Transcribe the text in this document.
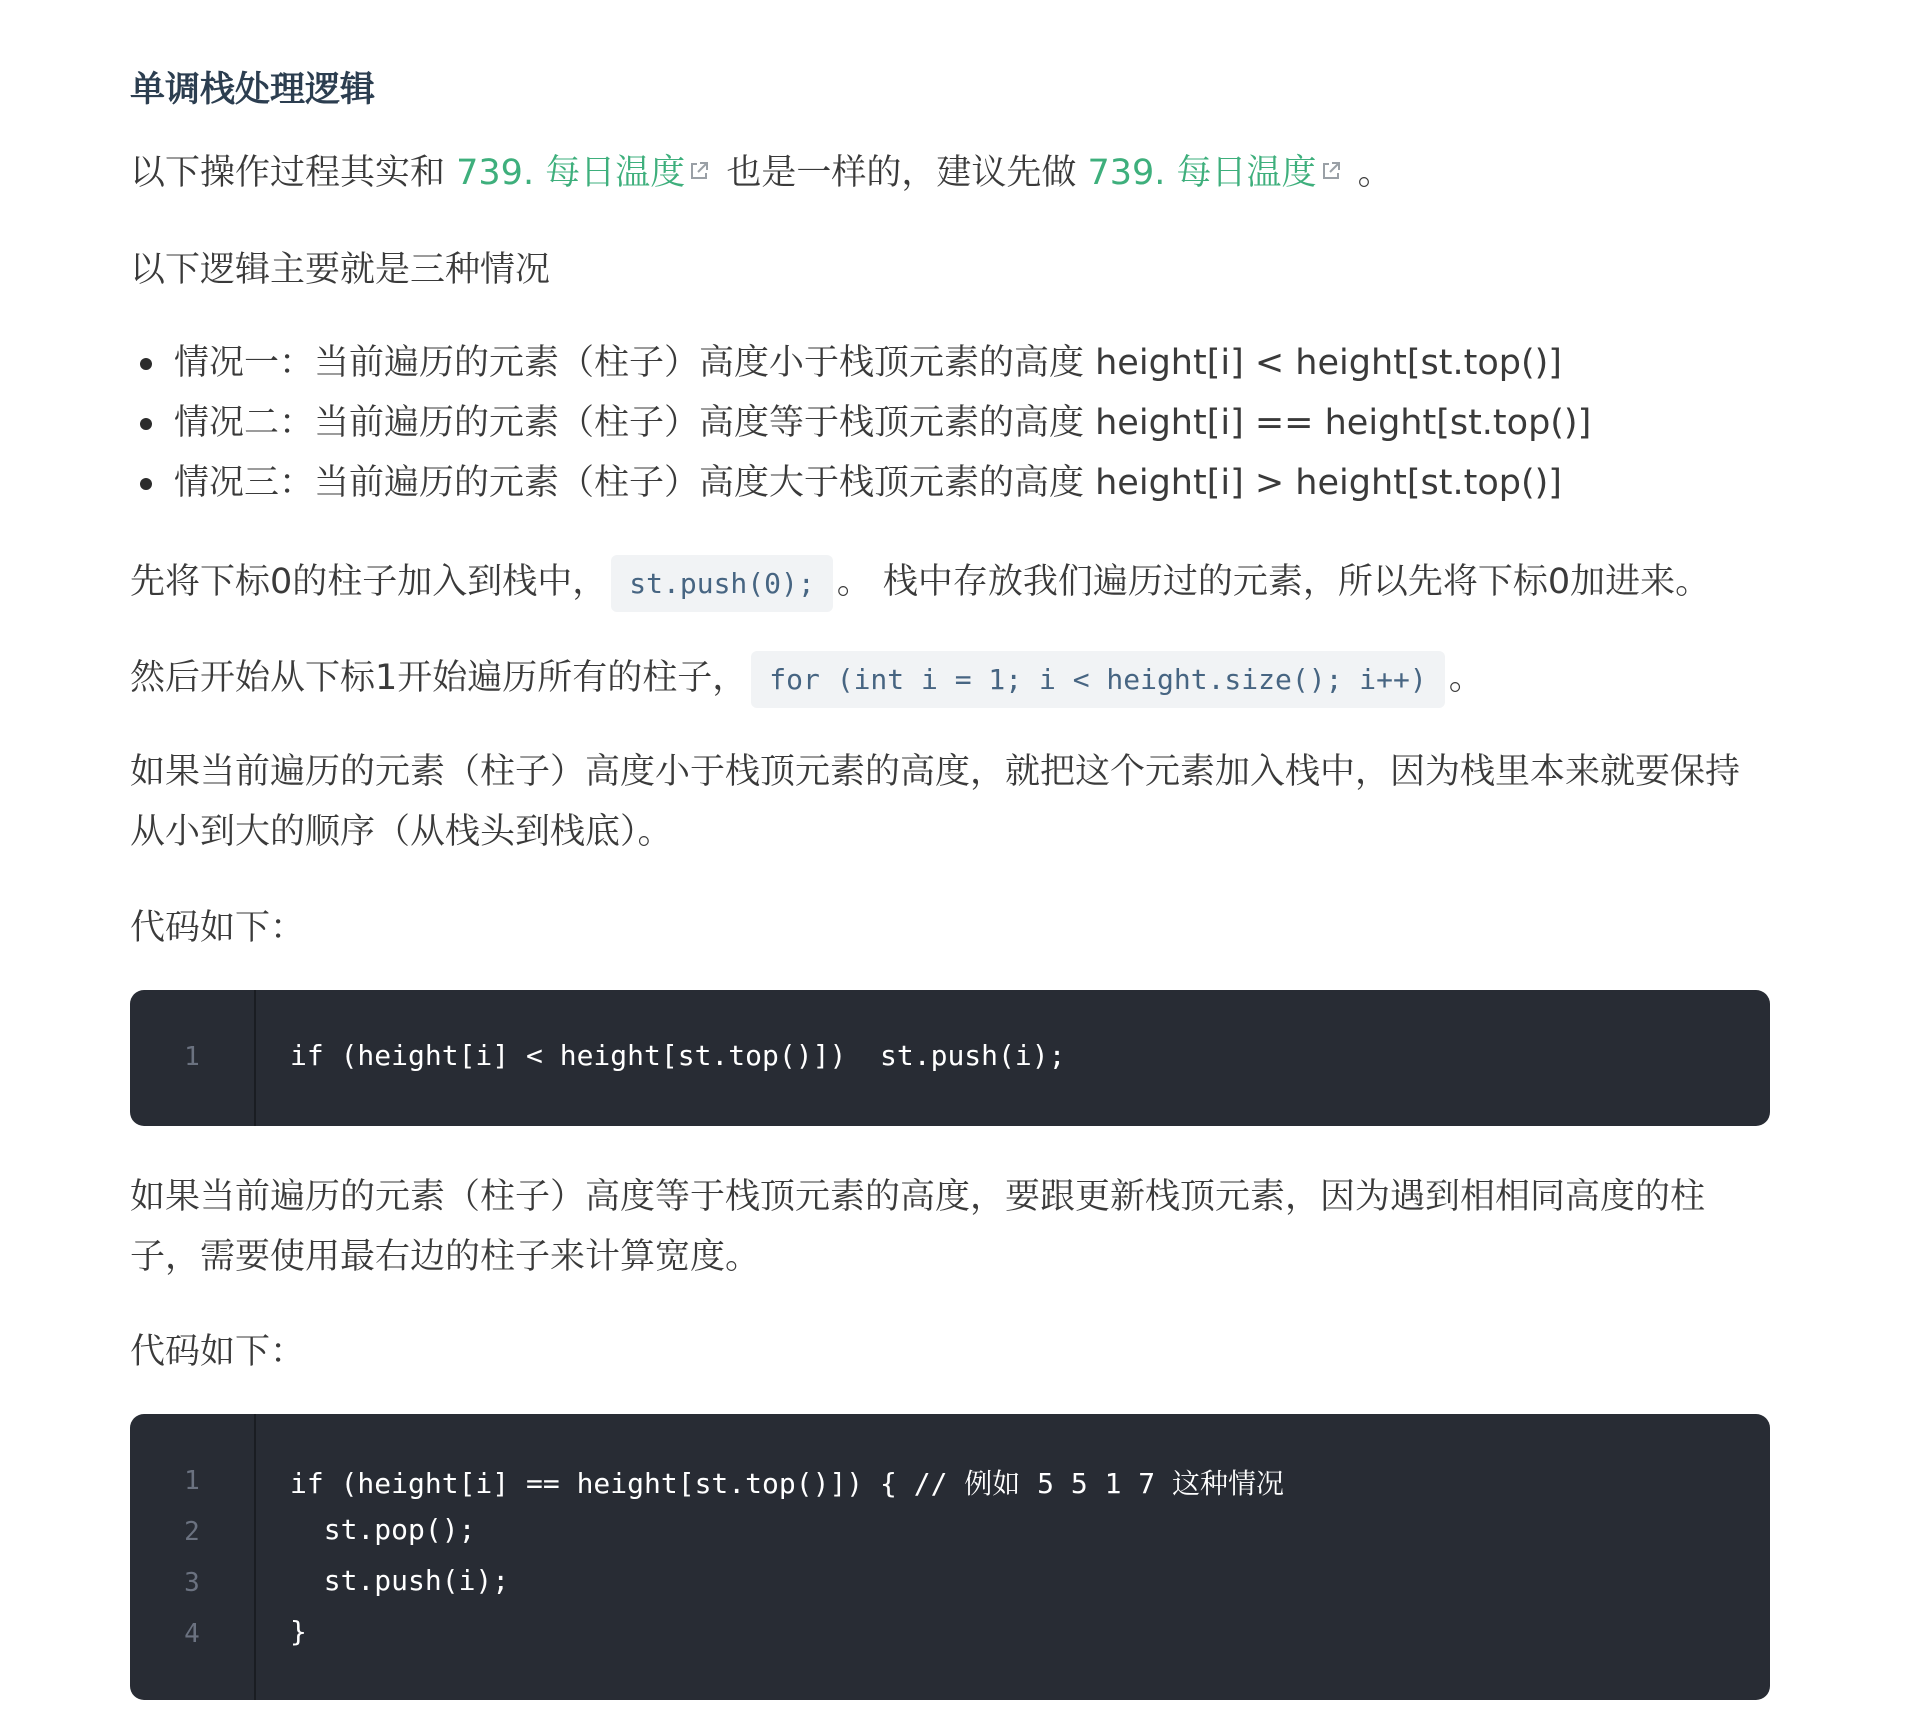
单调栈处理逻辑

以下操作过程其实和 739. 每日温度 也是一样的，建议先做 739. 每日温度 。

以下逻辑主要就是三种情况

情况一：当前遍历的元素（柱子）高度小于栈顶元素的高度 height[i] < height[st.top()]
情况二：当前遍历的元素（柱子）高度等于栈顶元素的高度 height[i] == height[st.top()]
情况三：当前遍历的元素（柱子）高度大于栈顶元素的高度 height[i] > height[st.top()]

先将下标0的柱子加入到栈中， st.push(0); 。 栈中存放我们遍历过的元素，所以先将下标0加进来。

然后开始从下标1开始遍历所有的柱子， for (int i = 1; i < height.size(); i++) 。

如果当前遍历的元素（柱子）高度小于栈顶元素的高度，就把这个元素加入栈中，因为栈里本来就要保持

从小到大的顺序（从栈头到栈底）。

代码如下：

1	if (height[i] < height[st.top()])  st.push(i);

如果当前遍历的元素（柱子）高度等于栈顶元素的高度，要跟更新栈顶元素，因为遇到相相同高度的柱

子，需要使用最右边的柱子来计算宽度。

代码如下：

1
2
3
4
if (height[i] == height[st.top()]) { // 例如 5 5 1 7 这种情况
st.pop();
st.push(i);
}
